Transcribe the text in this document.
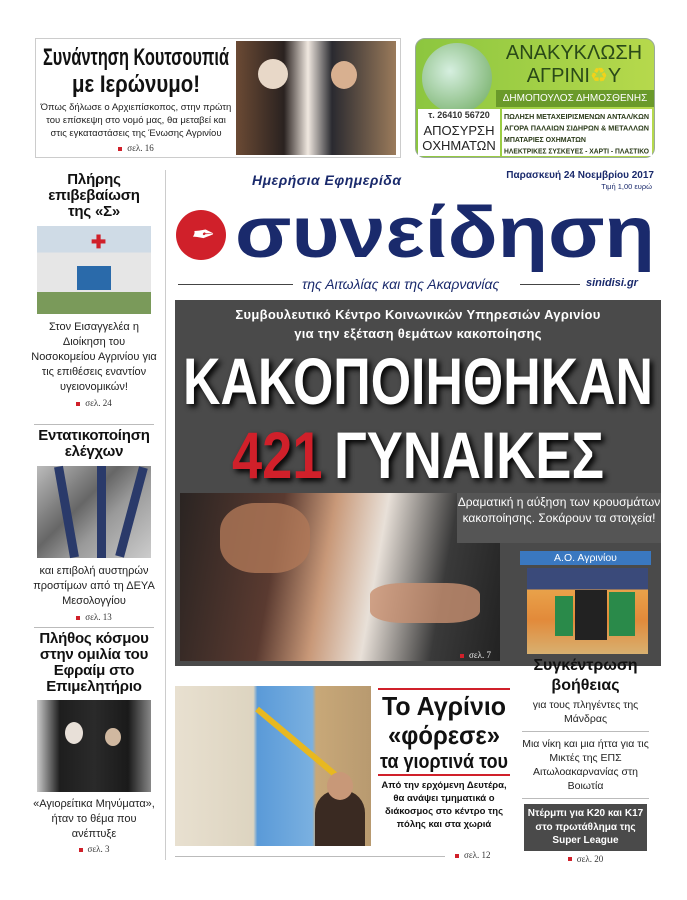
Συνάντηση Κουτσουπιά
με Ιερώνυμο!
Όπως δήλωσε ο Αρχιεπίσκοπος, στην πρώτη του επίσκεψη στο νομό μας, θα μεταβεί και στις εγκαταστάσεις της Ένωσης Αγρινίου
σελ. 16
ΑΝΑΚΥΚΛΩΣΗ
ΑΓΡΙΝΙ♻Υ
ΔΗΜΟΠΟΥΛΟΣ ΔΗΜΟΣΘΕΝΗΣ
τ. 26410 56720
ΑΠΟΣΥΡΣΗ
ΟΧΗΜΑΤΩΝ
ΠΩΛΗΣΗ ΜΕΤΑΧΕΙΡΙΣΜΕΝΩΝ ΑΝΤΑΛ/ΚΩΝ
ΑΓΟΡΑ ΠΑΛΑΙΩΝ ΣΙΔΗΡΩΝ & ΜΕΤΑΛΛΩΝ
ΜΠΑΤΑΡΙΕΣ ΟΧΗΜΑΤΩΝ
ΗΛΕΚΤΡΙΚΕΣ ΣΥΣΚΕΥΕΣ - ΧΑΡΤΙ - ΠΛΑΣΤΙΚΟ
Πλήρης επιβεβαίωση της «Σ»
✚
Στον Εισαγγελέα η Διοίκηση του Νοσοκομείου Αγρινίου για τις επιθέσεις εναντίον υγειονομικών!
σελ. 24
Εντατικοποίηση ελέγχων
και επιβολή αυστηρών προστίμων από τη ΔΕΥΑ Μεσολογγίου
σελ. 13
Πλήθος κόσμου στην ομιλία του Εφραίμ στο Επιμελητήριο
«Αγιορείτικα Μηνύματα», ήταν το θέμα που ανέπτυξε
σελ. 3
Ημερήσια Εφημερίδα
✒ συνείδηση
Παρασκευή 24 Νοεμβρίου 2017
Τιμή 1,00 ευρώ
της Αιτωλίας και της Ακαρνανίας	sinidisi.gr
Συμβουλευτικό Κέντρο Κοινωνικών Υπηρεσιών Αγρινίου
για την εξέταση θεμάτων κακοποίησης
ΚΑΚΟΠΟΙΗΘΗΚΑΝ
421ΓΥΝΑΙΚΕΣ
Δραματική η αύξηση των κρουσμάτων κακοποίησης. Σοκάρουν τα στοιχεία!
σελ. 7
Α.Ο. Αγρινίου
Συγκέντρωση βοήθειας
για τους πληγέντες της Μάνδρας
Μια νίκη και μια ήττα για τις Μικτές της ΕΠΣ Αιτωλοακαρνανίας στη Βοιωτία
Ντέρμπι για Κ20 και Κ17 στο πρωτάθλημα της Super League
σελ. 20
Το Αγρίνιο
«φόρεσε»
τα γιορτινά του
Από την ερχόμενη Δευτέρα, θα ανάψει τμηματικά ο διάκοσμος στο κέντρο της πόλης και στα χωριά
σελ. 12
